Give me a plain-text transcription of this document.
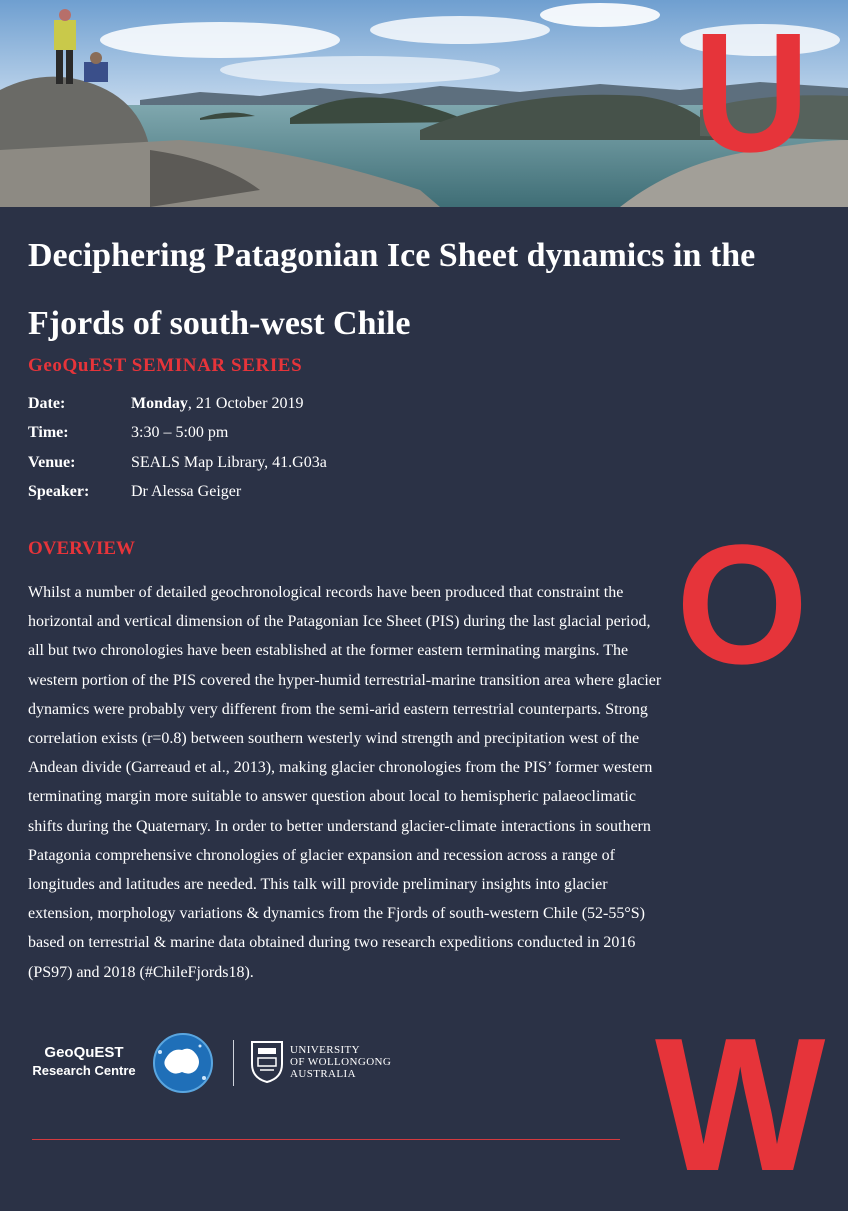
U
O
W
Deciphering Patagonian Ice Sheet dynamics in the
Fjords of south-west Chile
GeoQuEST SEMINAR SERIES
Date:	Monday, 21 October 2019
Time:	3:30 – 5:00 pm
Venue:	SEALS Map Library, 41.G03a
Speaker:	Dr Alessa Geiger
OVERVIEW

Whilst a number of detailed geochronological records have been produced that constraint the horizontal and vertical dimension of the Patagonian Ice Sheet (PIS) during the last glacial period, all but two chronologies have been established at the former eastern terminating margins. The western portion of the PIS covered the hyper-humid terrestrial-marine transition area where glacier dynamics were probably very different from the semi-arid eastern terrestrial counterparts. Strong correlation exists (r=0.8) between southern westerly wind strength and precipitation west of the Andean divide (Garreaud et al., 2013), making glacier chronologies from the PIS’ former western terminating margin more suitable to answer question about local to hemispheric palaeoclimatic shifts during the Quaternary. In order to better understand glacier-climate interactions in southern Patagonia comprehensive chronologies of glacier expansion and recession across a range of longitudes and latitudes are needed. This talk will provide preliminary insights into glacier extension, morphology variations & dynamics from the Fjords of south-western Chile (52-55°S) based on terrestrial & marine data obtained during two research expeditions conducted in 2016 (PS97) and 2018 (#ChileFjords18).

GeoQuEST
Research Centre
UNIVERSITY
OF WOLLONGONG
AUSTRALIA
